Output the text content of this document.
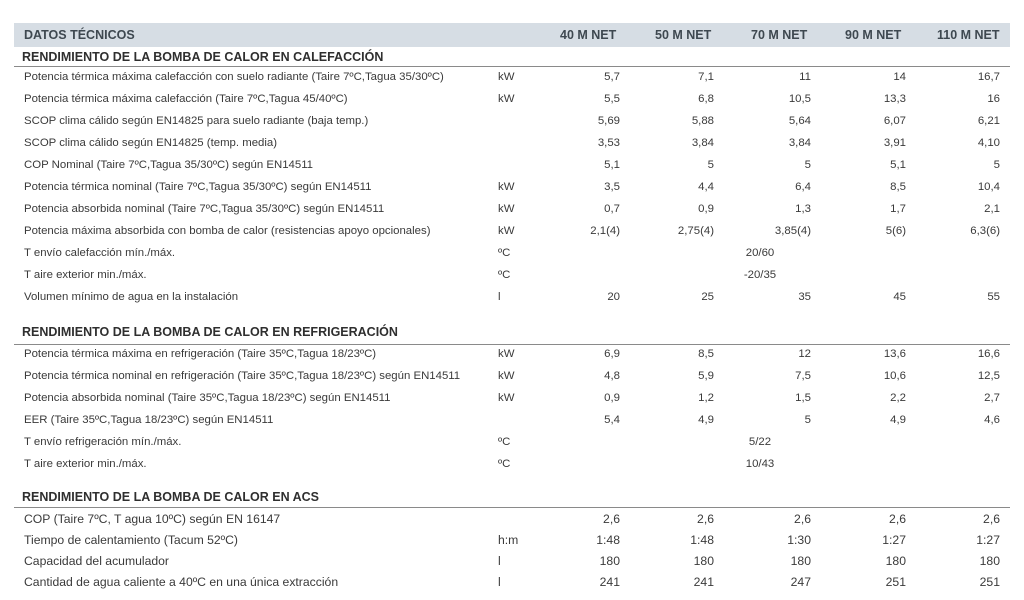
DATOS TÉCNICOS	40 M NET	50 M NET	70 M NET	90 M NET	110 M NET
RENDIMIENTO DE LA BOMBA DE CALOR EN CALEFACCIÓN
Potencia térmica máxima calefacción con suelo radiante (Taire 7ºC,Tagua 35/30ºC)	kW	5,7	7,1	11	14	16,7
Potencia térmica máxima calefacción (Taire 7ºC,Tagua 45/40ºC)	kW	5,5	6,8	10,5	13,3	16
SCOP clima cálido según EN14825 para suelo radiante (baja temp.)	5,69	5,88	5,64	6,07	6,21
SCOP clima cálido según EN14825 (temp. media)	3,53	3,84	3,84	3,91	4,10
COP Nominal (Taire 7ºC,Tagua 35/30ºC) según EN14511	5,1	5	5	5,1	5
Potencia térmica nominal (Taire 7ºC,Tagua 35/30ºC) según EN14511	kW	3,5	4,4	6,4	8,5	10,4
Potencia absorbida nominal (Taire 7ºC,Tagua 35/30ºC) según EN14511	kW	0,7	0,9	1,3	1,7	2,1
Potencia máxima absorbida con bomba de calor (resistencias apoyo opcionales)	kW	2,1(4)	2,75(4)	3,85(4)	5(6)	6,3(6)
T envío calefacción mín./máx.	ºC	20/60
T aire exterior min./máx.	ºC	-20/35
Volumen mínimo de agua en la instalación	l	20	25	35	45	55
RENDIMIENTO DE LA BOMBA DE CALOR EN REFRIGERACIÓN
Potencia térmica máxima en refrigeración (Taire 35ºC,Tagua 18/23ºC)	kW	6,9	8,5	12	13,6	16,6
Potencia térmica nominal en refrigeración (Taire 35ºC,Tagua 18/23ºC) según EN14511	kW	4,8	5,9	7,5	10,6	12,5
Potencia absorbida nominal (Taire 35ºC,Tagua 18/23ºC) según EN14511	kW	0,9	1,2	1,5	2,2	2,7
EER (Taire 35ºC,Tagua 18/23ºC) según EN14511	5,4	4,9	5	4,9	4,6
T envío refrigeración mín./máx.	ºC	5/22
T aire exterior min./máx.	ºC	10/43
RENDIMIENTO DE LA BOMBA DE CALOR EN ACS
COP (Taire 7ºC, T agua 10ºC) según EN 16147	2,6	2,6	2,6	2,6	2,6
Tiempo de calentamiento (Tacum 52ºC)	h:m	1:48	1:48	1:30	1:27	1:27
Capacidad del acumulador	l	180	180	180	180	180
Cantidad de agua caliente a 40ºC en una única extracción	l	241	241	247	251	251
